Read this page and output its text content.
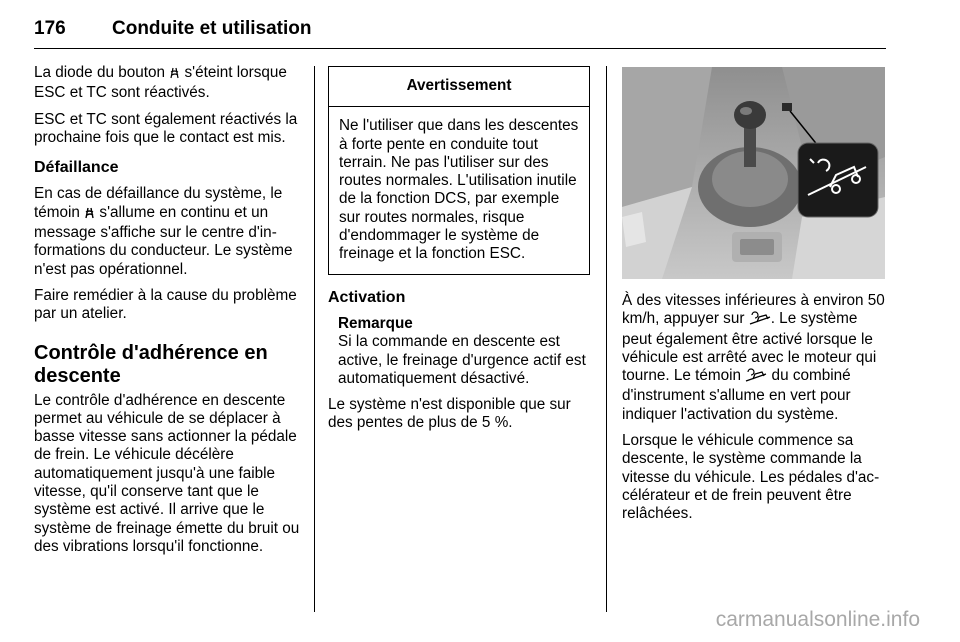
176 Conduite et utilisation

La diode du bouton  s'éteint lorsque ESC et TC sont réactivés.

ESC et TC sont également réactivés la prochaine fois que le contact est mis.

Défaillance

En cas de défaillance du système, le témoin  s'allume en continu et un message s'affiche sur le centre d'informations du conducteur. Le système n'est pas opérationnel.

Faire remédier à la cause du problème par un atelier.

Contrôle d'adhérence en descente

Le contrôle d'adhérence en descente permet au véhicule de se déplacer à basse vitesse sans actionner la pédale de frein. Le véhicule décélère automatiquement jusqu'à une faible vitesse, qu'il conserve tant que le système est activé. Il arrive que le système de freinage émette du bruit ou des vibrations lorsqu'il fonctionne.

Avertissement
Ne l'utiliser que dans les descentes à forte pente en conduite tout terrain. Ne pas l'utiliser sur des routes normales. L'utilisation inutile de la fonction DCS, par exemple sur routes normales, risque d'endommager le système de freinage et la fonction ESC.
Activation
Remarque
Si la commande en descente est active, le freinage d'urgence actif est automatiquement désactivé.

Le système n'est disponible que sur des pentes de plus de 5 %.

À des vitesses inférieures à environ 50 km/h, appuyer sur . Le système peut également être activé lorsque le véhicule est arrêté avec le moteur qui tourne. Le témoin  du combiné d'instrument s'allume en vert pour indiquer l'activation du système.

Lorsque le véhicule commence sa descente, le système commande la vitesse du véhicule. Les pédales d'accélérateur et de frein peuvent être relâchées.

carmanualsonline.info
